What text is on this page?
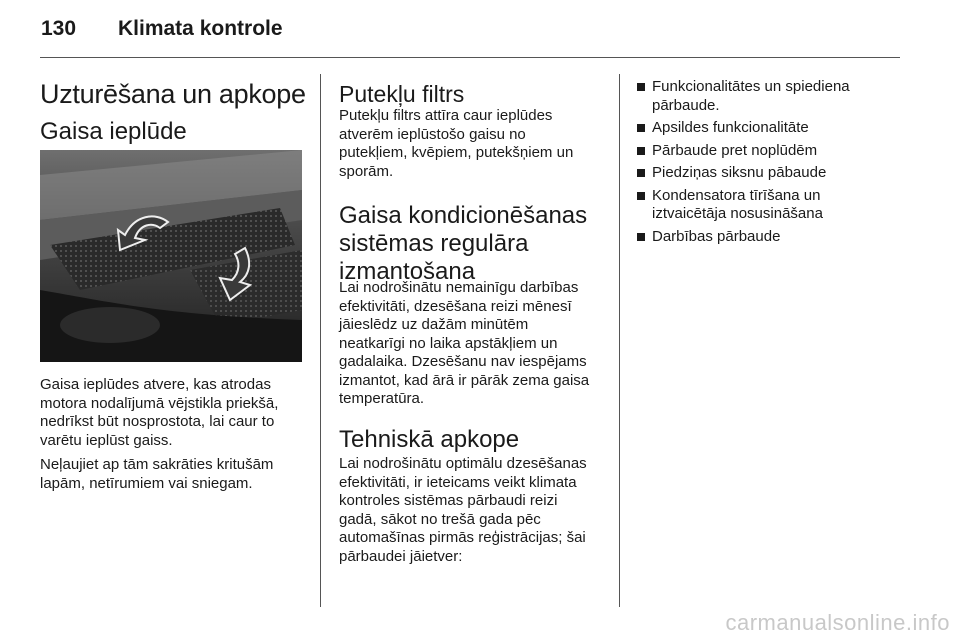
130 Klimata kontrole
Uzturēšana un apkope
Gaisa ieplūde
Gaisa ieplūdes atvere, kas atrodas
motora nodalījumā vējstikla priekšā,
nedrīkst būt nosprostota, lai caur to
varētu ieplūst gaiss.
Neļaujiet ap tām sakrāties kritušām
lapām, netīrumiem vai sniegam.
Putekļu filtrs
Putekļu filtrs attīra caur ieplūdes
atverēm ieplūstošo gaisu no
putekļiem, kvēpiem, putekšņiem un
sporām.
Gaisa kondicionēšanas
sistēmas regulāra
izmantošana
Lai nodrošinātu nemainīgu darbības
efektivitāti, dzesēšana reizi mēnesī
jāieslēdz uz dažām minūtēm
neatkarīgi no laika apstākļiem un
gadalaika. Dzesēšanu nav iespējams
izmantot, kad ārā ir pārāk zema gaisa
temperatūra.
Tehniskā apkope
Lai nodrošinātu optimālu dzesēšanas
efektivitāti, ir ieteicams veikt klimata
kontroles sistēmas pārbaudi reizi
gadā, sākot no trešā gada pēc
automašīnas pirmās reģistrācijas; šai
pārbaudei jāietver:
Funkcionalitātes un spiediena
pārbaude.
Apsildes funkcionalitāte
Pārbaude pret noplūdēm
Piedziņas siksnu pābaude
Kondensatora tīrīšana un
iztvaicētāja nosusināšana
Darbības pārbaude
carmanualsonline.info
